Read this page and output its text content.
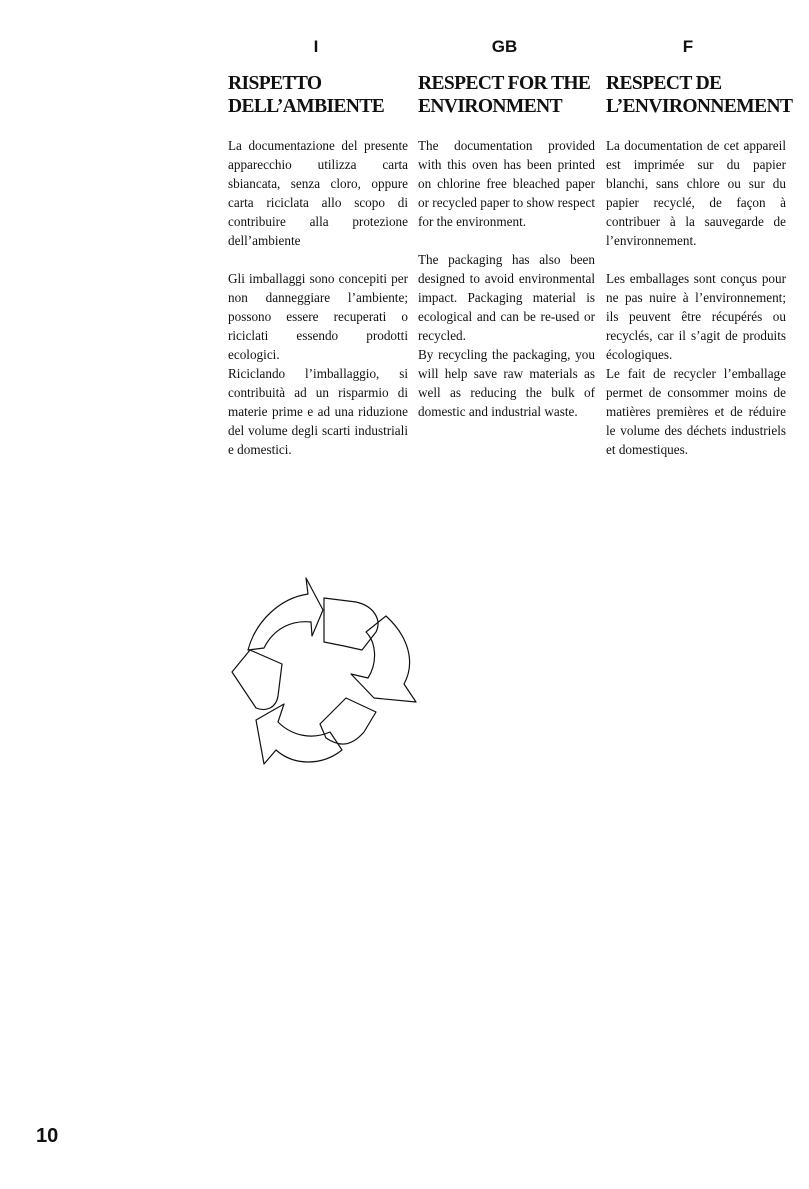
I
RISPETTO
DELL’AMBIENTE

La documentazione del presente apparecchio utilizza carta sbiancata, senza cloro, oppure carta riciclata allo scopo di contribuire alla protezione dell’ambiente

Gli imballaggi sono concepiti per non danneggiare l’ambiente; possono essere recuperati o riciclati essendo prodotti ecologici.

Riciclando l’imballaggio, si contribuità ad un risparmio di materie prime e ad una riduzione del volume degli scarti industriali e domestici.

GB
RESPECT FOR THE
ENVIRONMENT

The documentation provided with this oven has been printed on chlorine free bleached paper or recycled paper to show respect for the environment.

The packaging has also been designed to avoid environmental impact. Packaging material is ecological and can be re-used or recycled.

By recycling the packaging, you will help save raw materials as well as reducing the bulk of domestic and industrial waste.

F
RESPECT DE
L’ENVIRONNEMENT

La documentation de cet appareil est imprimée sur du papier blanchi, sans chlore ou sur du papier recyclé, de façon à contribuer à la sauvegarde de l’environnement.

Les emballages sont conçus pour ne pas nuire à l’environnement; ils peuvent être récupérés ou recyclés, car il s’agit de produits écologiques.

Le fait de recycler l’emballage permet de consommer moins de matières premières et de réduire le volume des déchets industriels et domestiques.

10
